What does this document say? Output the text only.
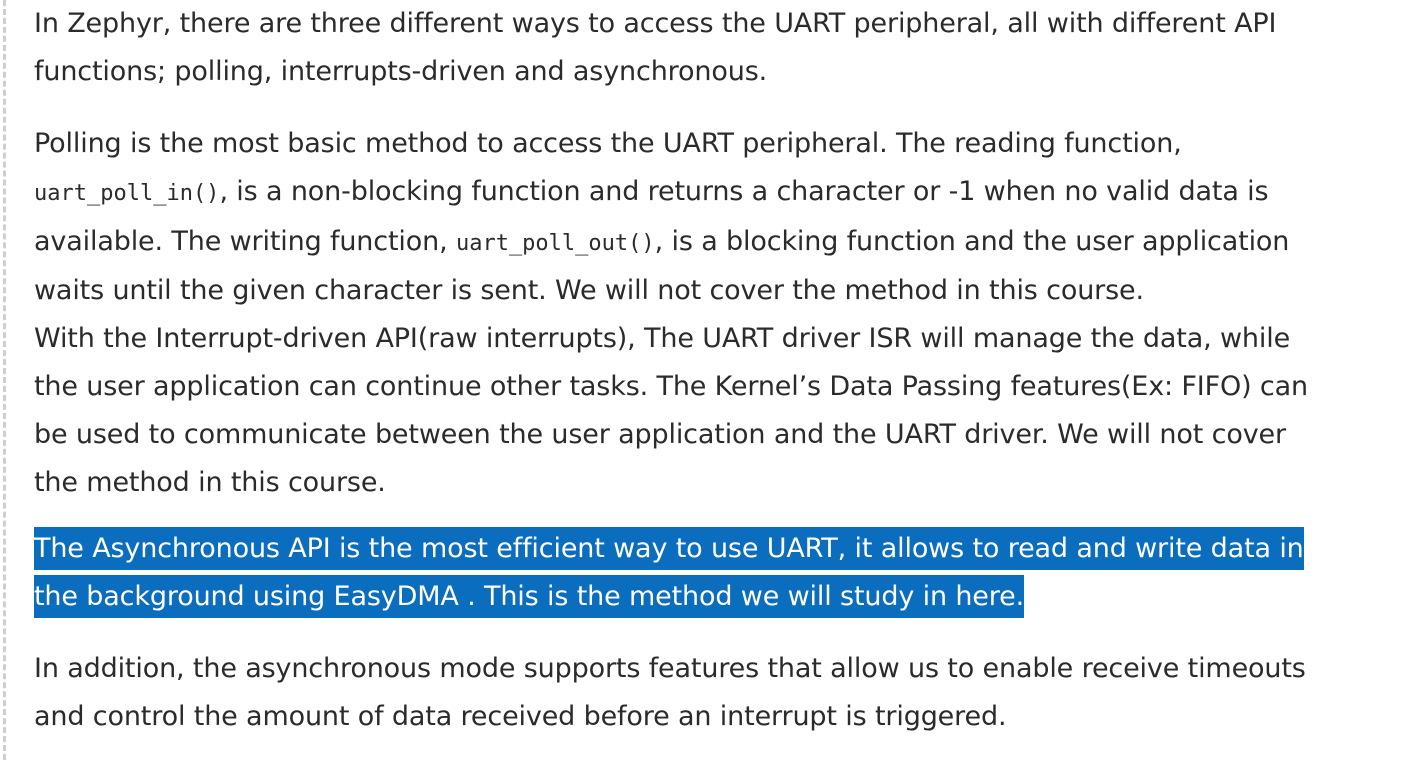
In Zephyr, there are three different ways to access the UART peripheral, all with different API
functions; polling, interrupts-driven and asynchronous.

Polling is the most basic method to access the UART peripheral. The reading function,
uart_poll_in(), is a non-blocking function and returns a character or -1 when no valid data is
available. The writing function, uart_poll_out(), is a blocking function and the user application
waits until the given character is sent. We will not cover the method in this course.
With the Interrupt-driven API(raw interrupts), The UART driver ISR will manage the data, while
the user application can continue other tasks. The Kernel’s Data Passing features(Ex: FIFO) can
be used to communicate between the user application and the UART driver. We will not cover
the method in this course.

The Asynchronous API is the most efficient way to use UART, it allows to read and write data in
the background using EasyDMA . This is the method we will study in here.

In addition, the asynchronous mode supports features that allow us to enable receive timeouts
and control the amount of data received before an interrupt is triggered.
